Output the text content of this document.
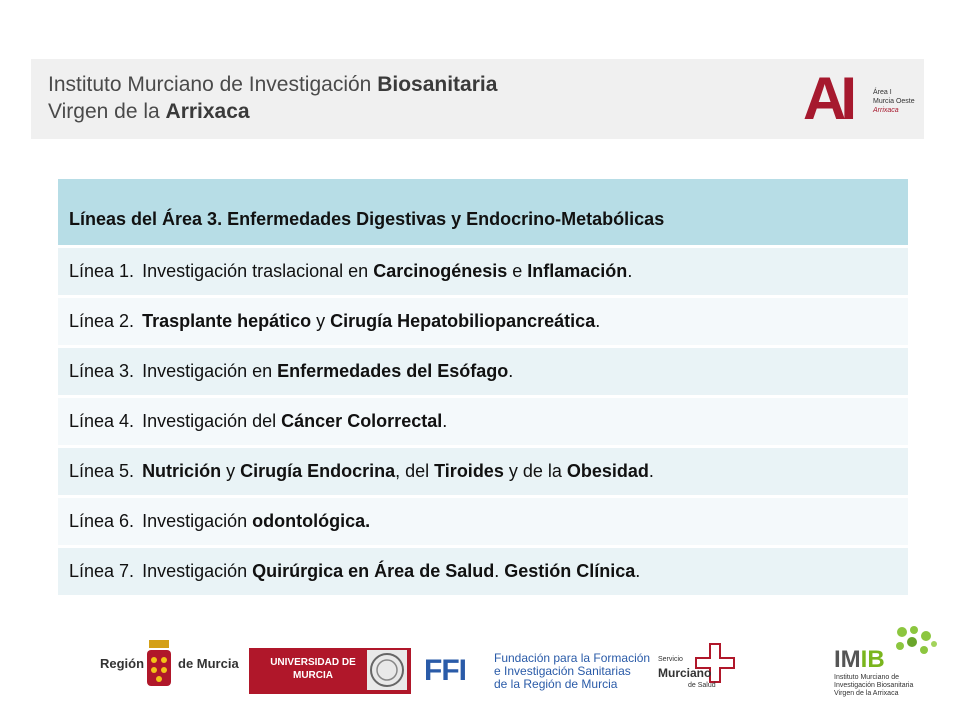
Instituto Murciano de Investigación Biosanitaria
Virgen de la Arrixaca	AI	Área I
Murcia Oeste
Arrixaca
Líneas del Área 3. Enfermedades Digestivas y Endocrino-Metabólicas
Línea 1. Investigación traslacional en Carcinogénesis e Inflamación.
Línea 2. Trasplante hepático y Cirugía Hepatobiliopancreática.
Línea 3. Investigación en Enfermedades del Esófago.
Línea 4. Investigación del Cáncer Colorrectal.
Línea 5. Nutrición y Cirugía Endocrina, del Tiroides y de la Obesidad.
Línea 6. Investigación odontológica.
Línea 7. Investigación Quirúrgica en Área de Salud. Gestión Clínica.
Región	de Murcia	UNIVERSIDAD DE
MURCIA	FFI Fundación para la Formación
e Investigación Sanitarias
de la Región de Murcia
Servicio
Murciano
de Salud
IMIB
Instituto Murciano de
Investigación Biosanitaria
Virgen de la Arrixaca
